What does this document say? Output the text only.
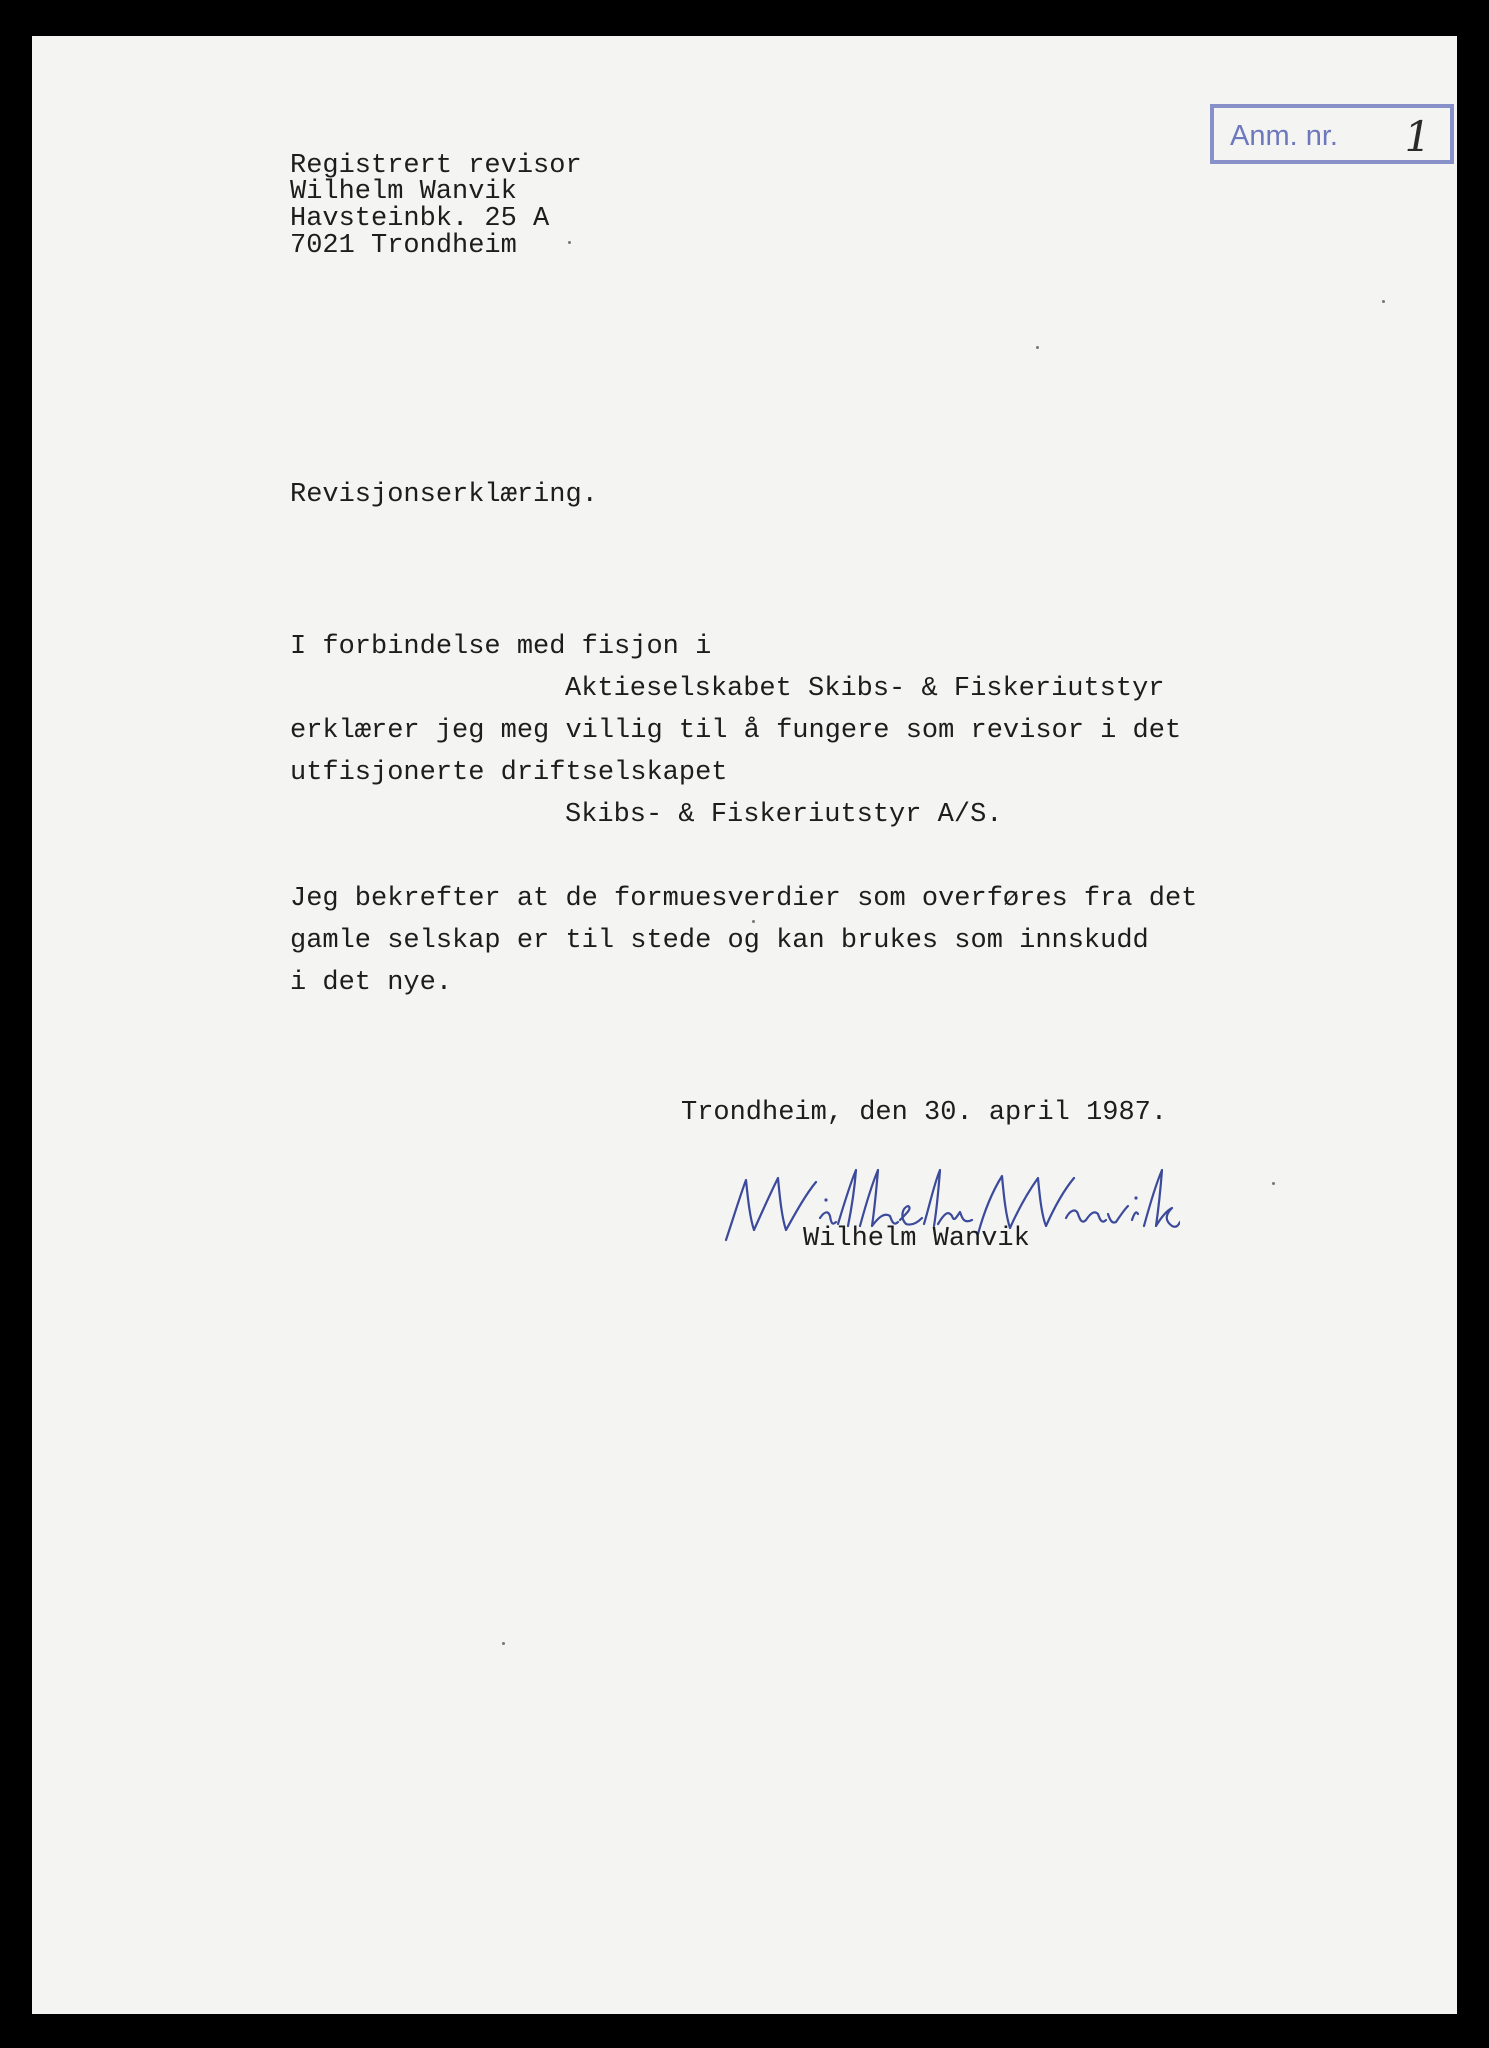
Anm. nr. 1

Registrert revisor

Wilhelm Wanvik

Havsteinbk. 25 A

7021 Trondheim

Revisjonserklæring.

I forbindelse med fisjon i

Aktieselskabet Skibs- & Fiskeriutstyr

erklærer jeg meg villig til å fungere som revisor i det

utfisjonerte driftselskapet

Skibs- & Fiskeriutstyr A/S.

Jeg bekrefter at de formuesverdier som overføres fra det

gamle selskap er til stede og kan brukes som innskudd

i det nye.

Trondheim, den 30. april 1987.

Wilhelm Wanvik
